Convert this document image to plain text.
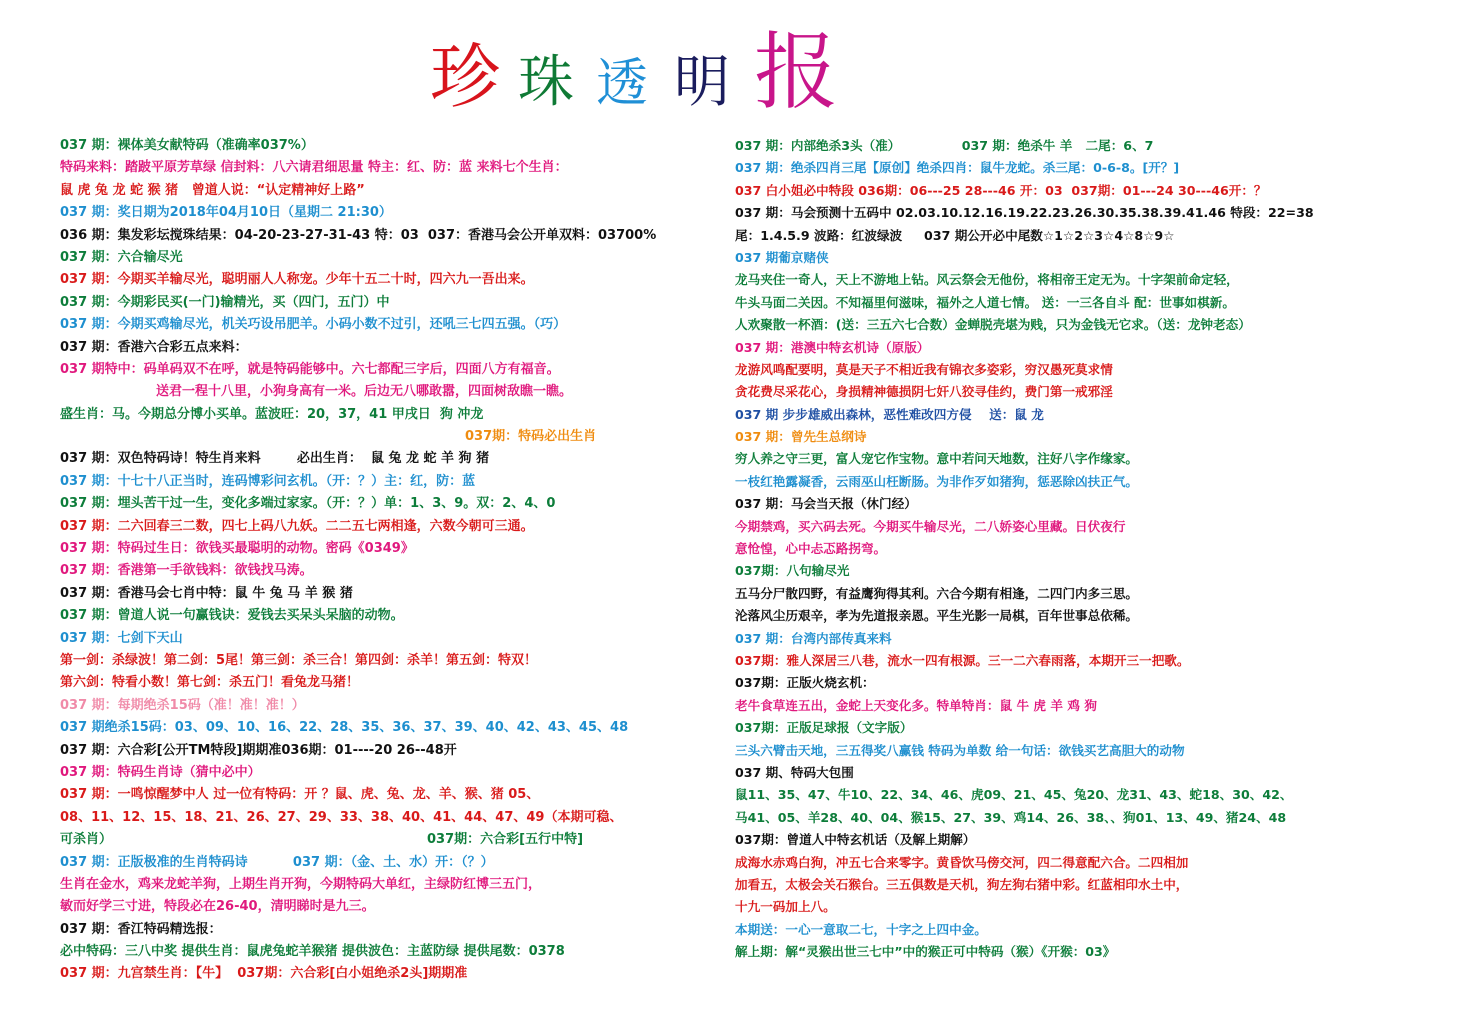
珍 珠 透 明 报
037 期：裸体美女献特码（准确率037%）
特码来料：踏跛平原芳草绿 信封料：八六请君细思量 特主：红、防：蓝 来料七个生肖：
鼠 虎 兔 龙 蛇 猴 猪   曾道人说：“认定精神好上路”
037 期：奖日期为2018年04月10日（星期二 21:30）
036 期：集发彩坛搅珠结果：04-20-23-27-31-43 特：03  037：香港马会公开单双料：03700%
037 期：六合输尽光
037 期：今期买羊输尽光，聪明丽人人称宠。少年十五二十时，四六九一吾出来。
037 期：今期彩民买(一门)输精光，买（四门，五门）中
037 期：今期买鸡输尽光，机关巧设吊肥羊。小码小数不过引，还吼三七四五强。（巧）
037 期：香港六合彩五点来料：
037 期特中：码单码双不在呼，就是特码能够中。六七都配三字后，四面八方有福音。
送君一程十八里，小狗身高有一米。后边无八哪敢嚣，四面树敌瞧一瞧。
盛生肖：马。今期总分博小买单。蓝波旺：20，37，41 甲戌日  狗 冲龙
037期：特码必出生肖
037 期：双色特码诗！特生肖来料        必出生肖：  鼠 兔 龙 蛇 羊 狗 猪
037 期：十七十八正当时，连码博彩问玄机。（开：？）主：红，防：蓝
037 期：埋头苦干过一生，变化多端过家家。（开：？）单：1、3、9。双：2、4、0
037 期：二六回春三二数，四七上码八九妖。二二五七两相逢，六数今朝可三通。
037 期：特码过生日：欲钱买最聪明的动物。密码《0349》
037 期：香港第一手欲钱料：欲钱找马涛。
037 期：香港马会七肖中特：鼠 牛 兔 马 羊 猴 猪
037 期：曾道人说一句赢钱诀：爱钱去买呆头呆脑的动物。
037 期：七剑下天山
第一剑：杀绿波！第二剑：5尾！第三剑：杀三合！第四剑：杀羊！第五剑：特双！
第六剑：特看小数！第七剑：杀五门！看兔龙马猪！
037 期：每期绝杀15码（准！准！准！）
037 期绝杀15码：03、09、10、16、22、28、35、36、37、39、40、42、43、45、48
037 期：六合彩[公开TM特段]期期准036期：01----20 26--48开
037 期：特码生肖诗（猜中必中）
037 期：一鸣惊醒梦中人 过一位有特码：开 ？鼠、虎、兔、龙、羊、猴、猪 05、
08、11、12、15、18、21、26、27、29、33、38、40、41、44、47、49（本期可稳、
可杀肖）	037期：六合彩[五行中特]
037 期：正版极准的生肖特码诗          037 期：（金、土、水）开：（？）
生肖在金水，鸡来龙蛇羊狗，上期生肖开狗，今期特码大单红，主绿防红博三五门，
敏而好学三寸进，特段必在26-40，清明睇时是九三。
037 期：香江特码精选报：
必中特码：三八中奖 提供生肖：鼠虎兔蛇羊猴猪 提供波色：主蓝防绿 提供尾数：0378
037 期：九宫禁生肖：【牛】  037期：六合彩[白小姐绝杀2头]期期准
037 期：内部绝杀3头（准）              037 期：绝杀牛 羊   二尾：6、7
037 期：绝杀四肖三尾【原创】绝杀四肖：鼠牛龙蛇。杀三尾：0-6-8。[开？]
037 白小姐必中特段 036期：06---25 28---46 开：03  037期：01---24 30---46开：？
037 期：马会预测十五码中 02.03.10.12.16.19.22.23.26.30.35.38.39.41.46 特段：22=38
尾：1.4.5.9 波路：红波绿波     037 期公开必中尾数☆1☆2☆3☆4☆8☆9☆
037 期葡京赌侠
龙马夹住一奇人，天上不游地上钻。风云祭会无他份，将相帝王定无为。十字架前命定轻，
牛头马面二关因。不知福里何滋味，福外之人道七情。 送：一三各自斗 配：世事如棋新。
人欢聚散一杯酒：(送：三五六七合数）金蝉脱壳堪为贱，只为金钱无它求。（送：龙钟老态）
037 期：港澳中特玄机诗（原版）
龙游风鸣配要明，莫是天子不相近我有锦衣多姿彩，穷汉愚死莫求情
贪花费尽采花心，身损精神德损阴七奸八狡寻佳约，费门第一戒邪淫
037 期 步步雄威出森林，恶性难改四方侵    送：鼠 龙
037 期：曾先生总纲诗
穷人养之守三更，富人宠它作宝物。意中若问天地数，注好八字作缘家。
一枝红艳露凝香，云雨巫山枉断肠。为非作歹如猪狗，惩恶除凶扶正气。
037 期：马会当天报（休门经）
今期禁鸡，买六码去死。今期买牛输尽光，二八娇姿心里藏。日伏夜行
意怆惶，心中忐忑路拐弯。
037期：八句输尽光
五马分尸散四野，有益鹰狗得其利。六合今期有相逢，二四门内多三思。
沦落风尘历艰辛，孝为先道报亲恩。平生光影一局棋，百年世事总依稀。
037 期：台湾内部传真来料
037期：雅人深居三八巷，流水一四有根源。三一二六春雨落，本期开三一把歌。
037期：正版火烧玄机：
老牛食草连五出，金蛇上天变化多。特单特肖：鼠 牛 虎 羊 鸡 狗
037期：正版足球报（文字版）
三头六臂击天地，三五得奖八赢钱 特码为单数 给一句话：欲钱买艺高胆大的动物
037 期、特码大包围
鼠11、35、47、牛10、22、34、46、虎09、21、45、兔20、龙31、43、蛇18、30、42、
马41、05、羊28、40、04、猴15、27、39、鸡14、26、38、、狗01、13、49、猪24、48
037期：曾道人中特玄机话（及解上期解）
成海水赤鸡白狗，冲五七合来零字。黄昏饮马傍交河，四二得意配六合。二四相加
加看五，太极会关石猴台。三五俱数是天机，狗左狗右猪中彩。红蓝相印水土中，
十九一码加上八。
本期送：一心一意取二七，十字之上四中金。
解上期：解“灵猴出世三七中”中的猴正可中特码（猴）《开猴：03》
